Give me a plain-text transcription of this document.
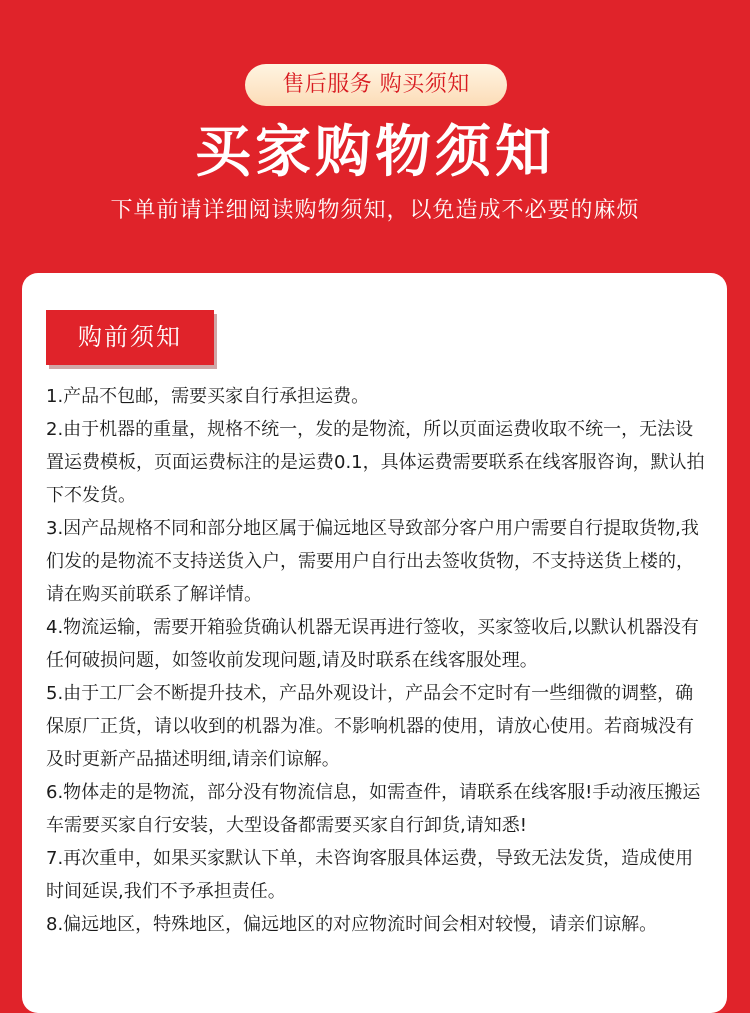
售后服务 购买须知
买家购物须知
下单前请详细阅读购物须知，以免造成不必要的麻烦
购前须知
1.产品不包邮，需要买家自行承担运费。
2.由于机器的重量，规格不统一，发的是物流，所以页面运费收取不统一，无法设置运费模板，页面运费标注的是运费0.1，具体运费需要联系在线客服咨询，默认拍下不发货。
3.因产品规格不同和部分地区属于偏远地区导致部分客户用户需要自行提取货物,我们发的是物流不支持送货入户，需要用户自行出去签收货物，不支持送货上楼的，请在购买前联系了解详情。
4.物流运输，需要开箱验货确认机器无误再进行签收，买家签收后,以默认机器没有任何破损问题，如签收前发现问题,请及时联系在线客服处理。
5.由于工厂会不断提升技术，产品外观设计，产品会不定时有一些细微的调整，确保原厂正货，请以收到的机器为准。不影响机器的使用，请放心使用。若商城没有及时更新产品描述明细,请亲们谅解。
6.物体走的是物流，部分没有物流信息，如需查件，请联系在线客服!手动液压搬运车需要买家自行安装，大型设备都需要买家自行卸货,请知悉!
7.再次重申，如果买家默认下单，未咨询客服具体运费，导致无法发货，造成使用时间延误,我们不予承担责任。
8.偏远地区，特殊地区，偏远地区的对应物流时间会相对较慢，请亲们谅解。
